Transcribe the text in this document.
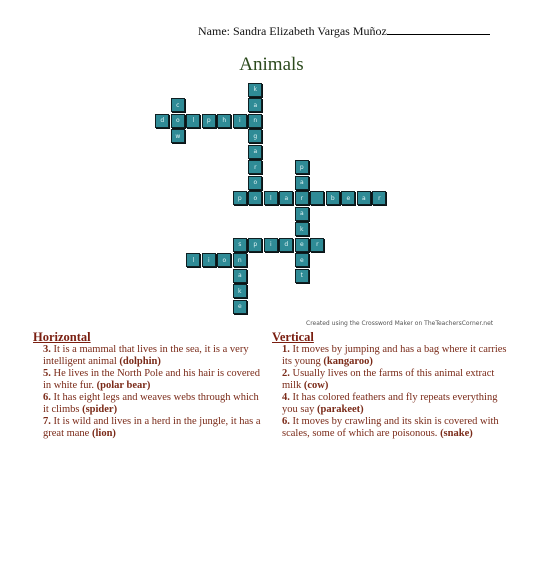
Name: Sandra Elizabeth Vargas Muñoz
Animals
d	o	l	p	h	i	n
p	o	l	a	r	b	e	a	r
s	p	i	d	e	r
l	i	o	n
k
a
g
a
r
o
c
w
p
a
a
k
e
t
a
k
e
Created using the Crossword Maker on TheTeachersCorner.net
Horizontal
3. It is a mammal that lives in the sea, it is a very intelligent animal (dolphin)
5. He lives in the North Pole and his hair is covered in white fur. (polar bear)
6. It has eight legs and weaves webs through which it climbs (spider)
7. It is wild and lives in a herd in the jungle, it has a great mane (lion)
Vertical
1. It moves by jumping and has a bag where it carries its young (kangaroo)
2. Usually lives on the farms of this animal extract milk (cow)
4. It has colored feathers and fly repeats everything you say (parakeet)
6. It moves by crawling and its skin is covered with scales, some of which are poisonous. (snake)
